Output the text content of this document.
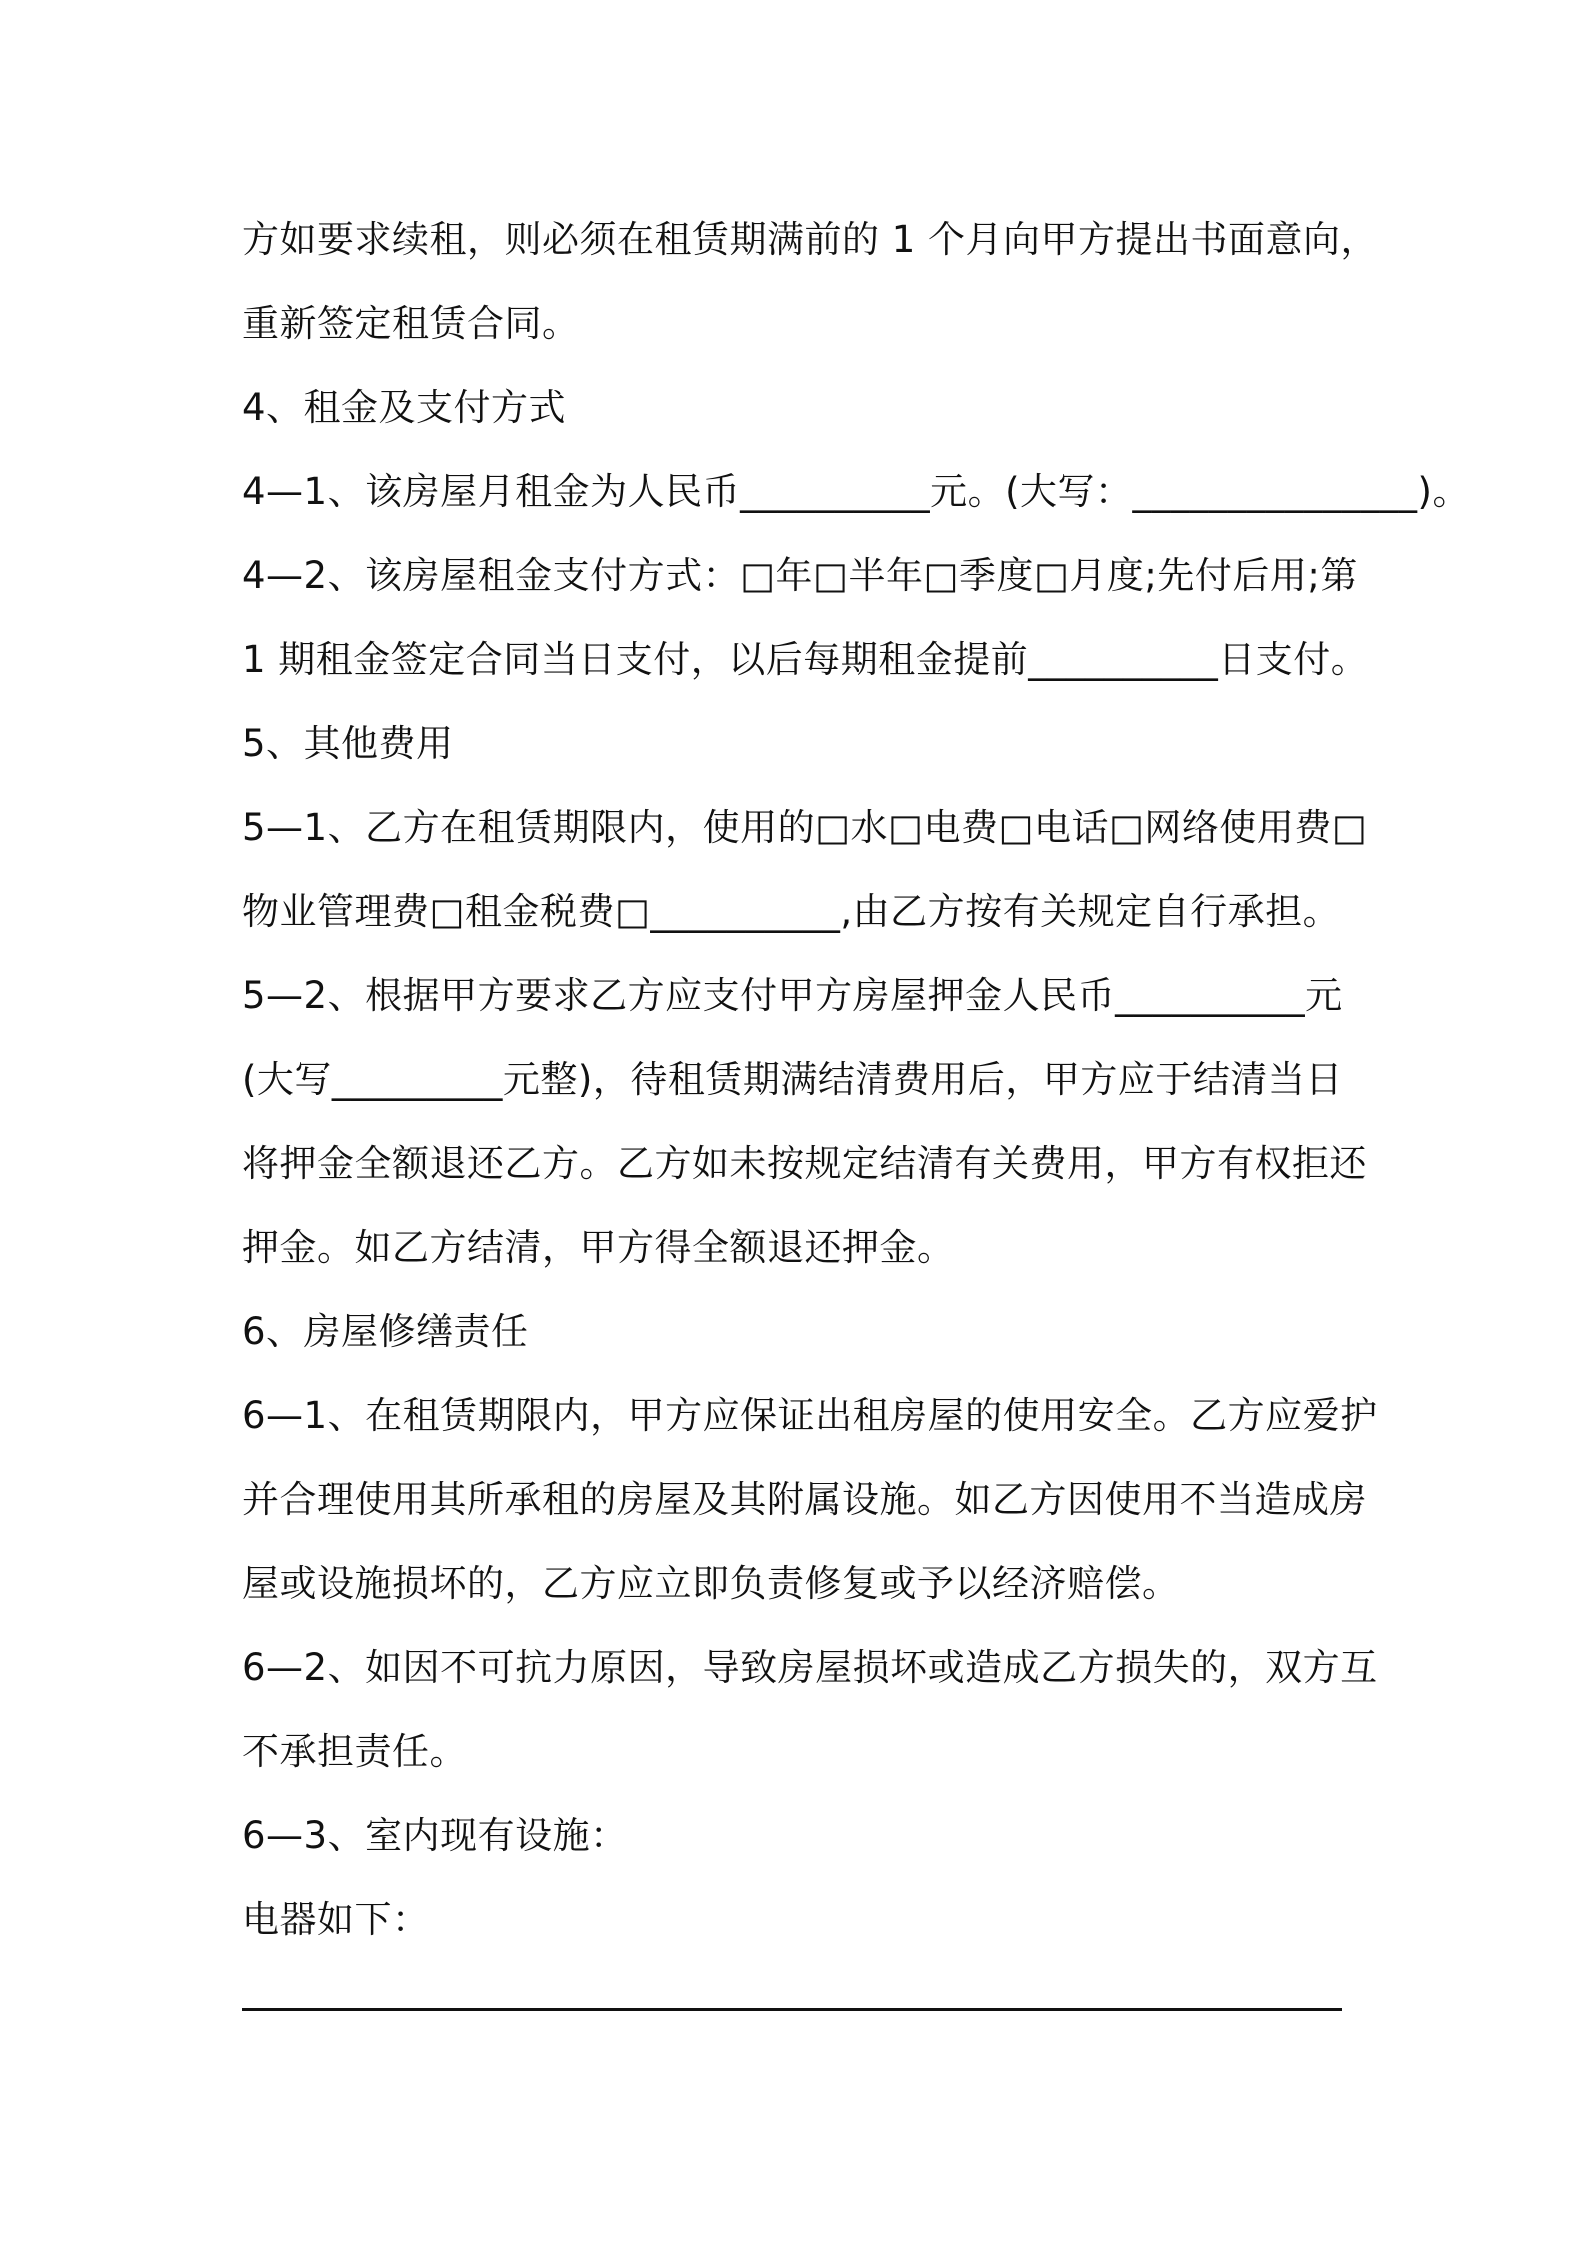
方如要求续租，则必须在租赁期满前的 1 个月向甲方提出书面意向，
重新签定租赁合同。
4、租金及支付方式
4—1、该房屋月租金为人民币__________元。(大写：_______________)。
4—2、该房屋租金支付方式：□年□半年□季度□月度;先付后用;第
1 期租金签定合同当日支付，以后每期租金提前__________日支付。
5、其他费用
5—1、乙方在租赁期限内，使用的□水□电费□电话□网络使用费□
物业管理费□租金税费□__________,由乙方按有关规定自行承担。
5—2、根据甲方要求乙方应支付甲方房屋押金人民币__________元
(大写_________元整)，待租赁期满结清费用后，甲方应于结清当日
将押金全额退还乙方。乙方如未按规定结清有关费用，甲方有权拒还
押金。如乙方结清，甲方得全额退还押金。
6、房屋修缮责任
6—1、在租赁期限内，甲方应保证出租房屋的使用安全。乙方应爱护
并合理使用其所承租的房屋及其附属设施。如乙方因使用不当造成房
屋或设施损坏的，乙方应立即负责修复或予以经济赔偿。
6—2、如因不可抗力原因，导致房屋损坏或造成乙方损失的，双方互
不承担责任。
6—3、室内现有设施：
电器如下：
